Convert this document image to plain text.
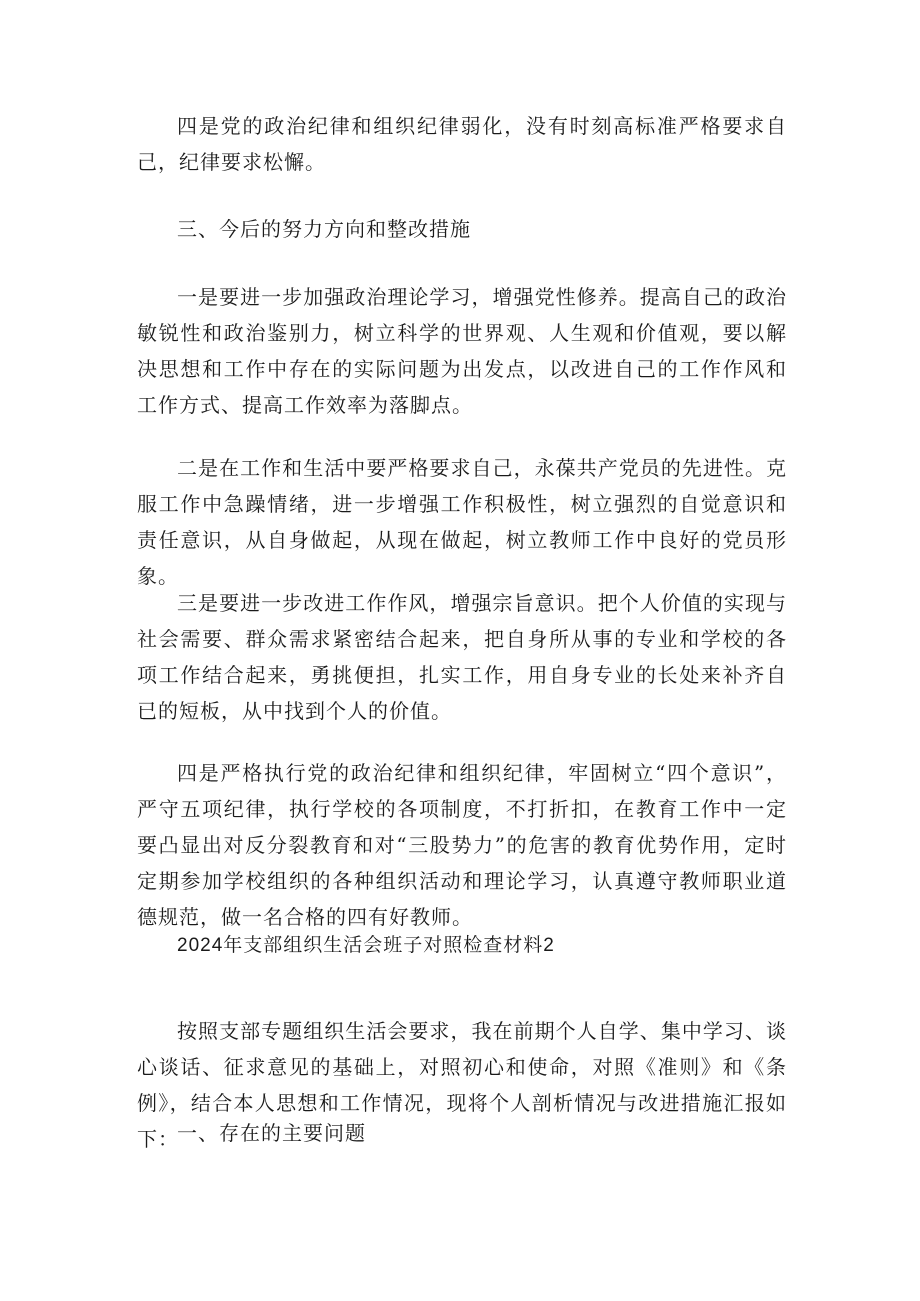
四是党的政治纪律和组织纪律弱化，没有时刻高标准严格要求自己，纪律要求松懈。

三、今后的努力方向和整改措施

一是要进一步加强政治理论学习，增强党性修养。提高自己的政治敏锐性和政治鉴别力，树立科学的世界观、人生观和价值观，要以解决思想和工作中存在的实际问题为出发点，以改进自己的工作作风和工作方式、提高工作效率为落脚点。

二是在工作和生活中要严格要求自己，永葆共产党员的先进性。克服工作中急躁情绪，进一步增强工作积极性，树立强烈的自觉意识和责任意识，从自身做起，从现在做起，树立教师工作中良好的党员形象。

三是要进一步改进工作作风，增强宗旨意识。把个人价值的实现与社会需要、群众需求紧密结合起来，把自身所从事的专业和学校的各项工作结合起来，勇挑便担，扎实工作，用自身专业的长处来补齐自已的短板，从中找到个人的价值。

四是严格执行党的政治纪律和组织纪律，牢固树立“四个意识”，严守五项纪律，执行学校的各项制度，不打折扣，在教育工作中一定要凸显出对反分裂教育和对“三股势力”的危害的教育优势作用，定时定期参加学校组织的各种组织活动和理论学习，认真遵守教师职业道德规范，做一名合格的四有好教师。

2024年支部组织生活会班子对照检查材料2

按照支部专题组织生活会要求，我在前期个人自学、集中学习、谈心谈话、征求意见的基础上，对照初心和使命，对照《准则》和《条例》，结合本人思想和工作情况，现将个人剖析情况与改进措施汇报如下：

一、存在的主要问题
